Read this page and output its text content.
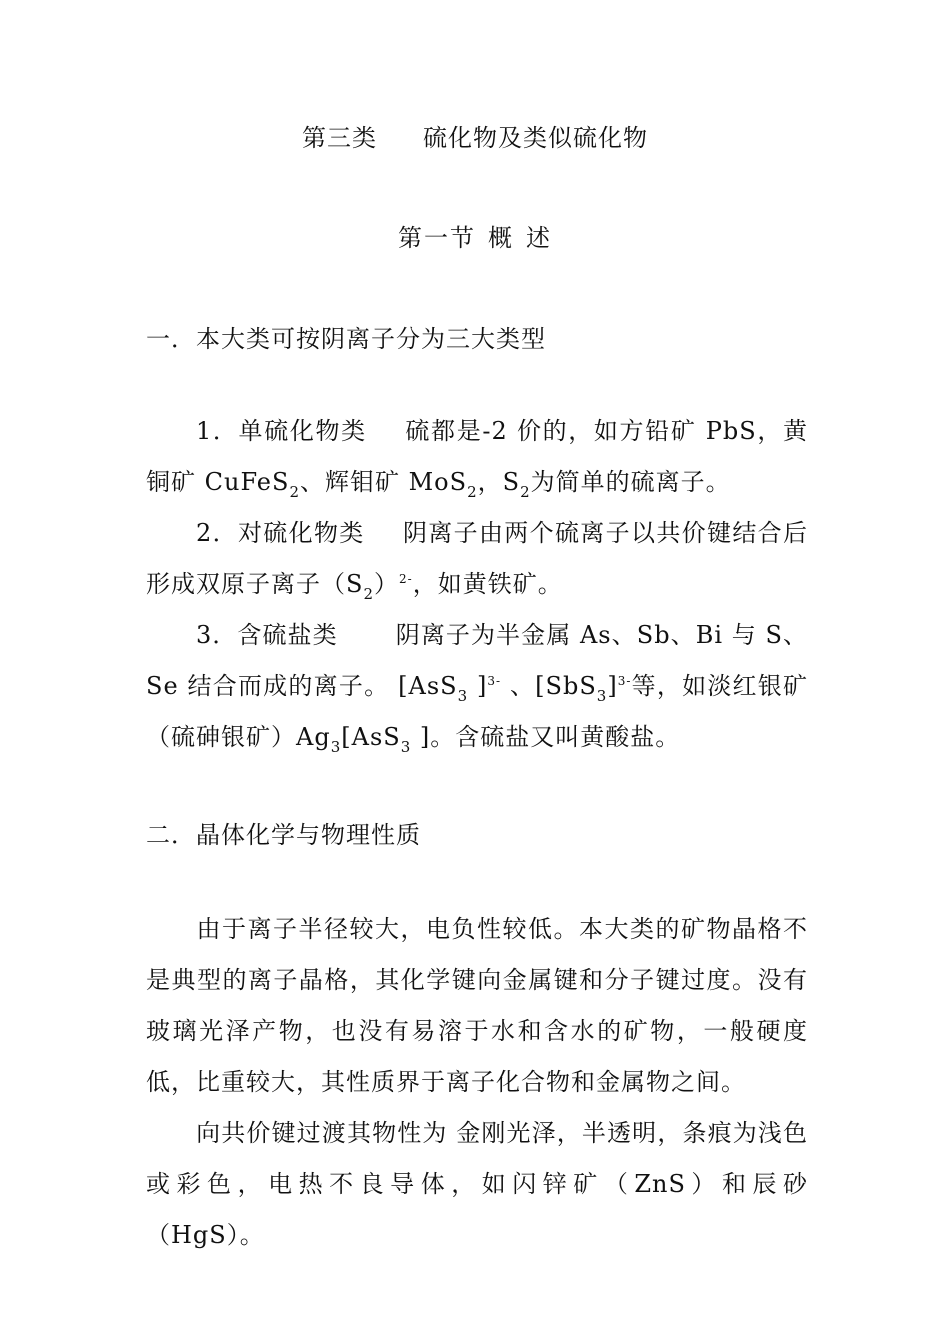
第三类 硫化物及类似硫化物
第一节 概 述
一．本大类可按阴离子分为三大类型
1．单硫化物类 硫都是-2 价的，如方铅矿 PbS，黄铜矿 CuFeS$_2$、辉钼矿 MoS$_2$，$S_2$为简单的硫离子。
2．对硫化物类 阴离子由两个硫离子以共价键结合后形成双原子离子$(S_2)^{2-}$，如黄铁矿。
3．含硫盐类 阴离子为半金属 As、Sb、Bi 与 S、Se 结合而成的离子。 [AsS$_3$ ]$^{3-}$ 、$[SbS_3]^{3-}$等，如淡红银矿（硫砷银矿）$Ag_3[AsS_3$ ]。含硫盐又叫黄酸盐。
二．晶体化学与物理性质
由于离子半径较大，电负性较低。本大类的矿物晶格不是典型的离子晶格，其化学键向金属键和分子键过度。没有玻璃光泽产物，也没有易溶于水和含水的矿物，一般硬度低，比重较大，其性质界于离子化合物和金属物之间。
向共价键过渡其物性为 金刚光泽，半透明，条痕为浅色或彩色，电热不良导体，如闪锌矿（ZnS）和辰砂（HgS）。
